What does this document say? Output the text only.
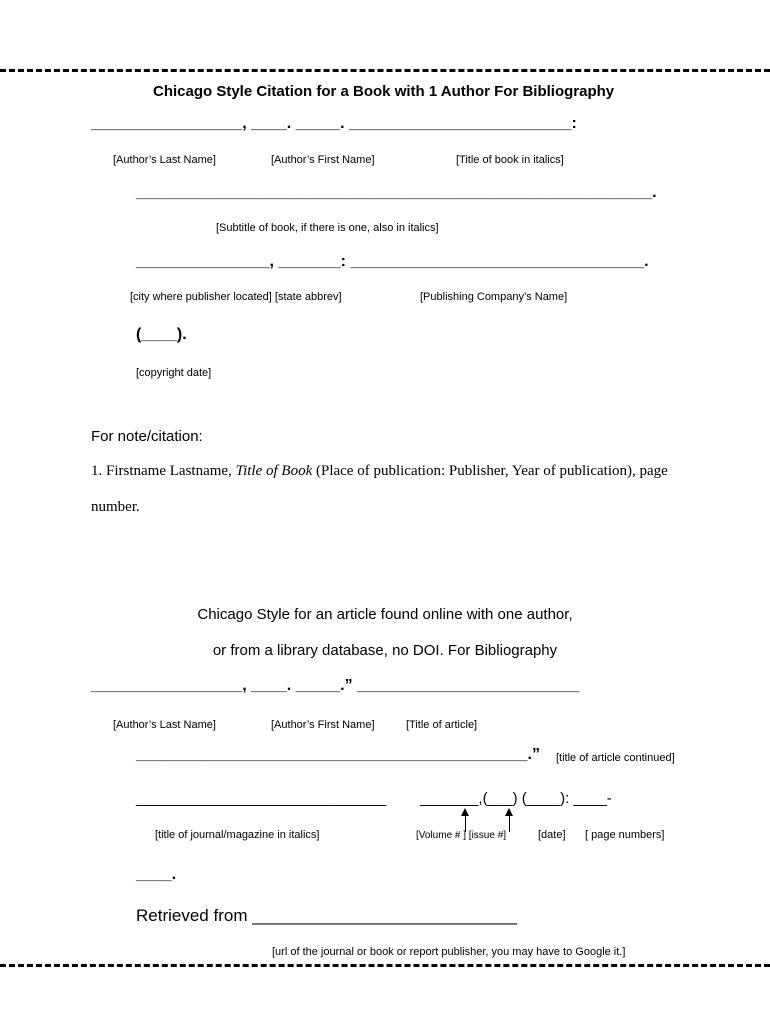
Chicago Style Citation for a Book with 1 Author For Bibliography
_________________, ____. _____. _________________________:
[Author’s Last Name]	[Author’s First Name]	[Title of book in italics]
__________________________________________________________.
[Subtitle of book, if there is one, also in italics]
_______________, _______: _________________________________.
[city where publisher located] [state abbrev]	[Publishing Company’s Name]
(____).
[copyright date]
For note/citation:
1. Firstname Lastname, Title of Book (Place of publication: Publisher, Year of publication), page
number.
Chicago Style for an article found online with one author,
or from a library database, no DOI. For Bibliography
_________________, ____. _____.” _________________________
[Author’s Last Name]	[Author’s First Name]	[Title of article]
____________________________________________.” [title of article continued]
______________________________ _______,(___) (____): ____-
[title of journal/magazine in italics]	[Volume # ] [issue #]	[date] [ page numbers]
____.
Retrieved from ____________________________
[url of the journal or book or report publisher, you may have to Google it.]
